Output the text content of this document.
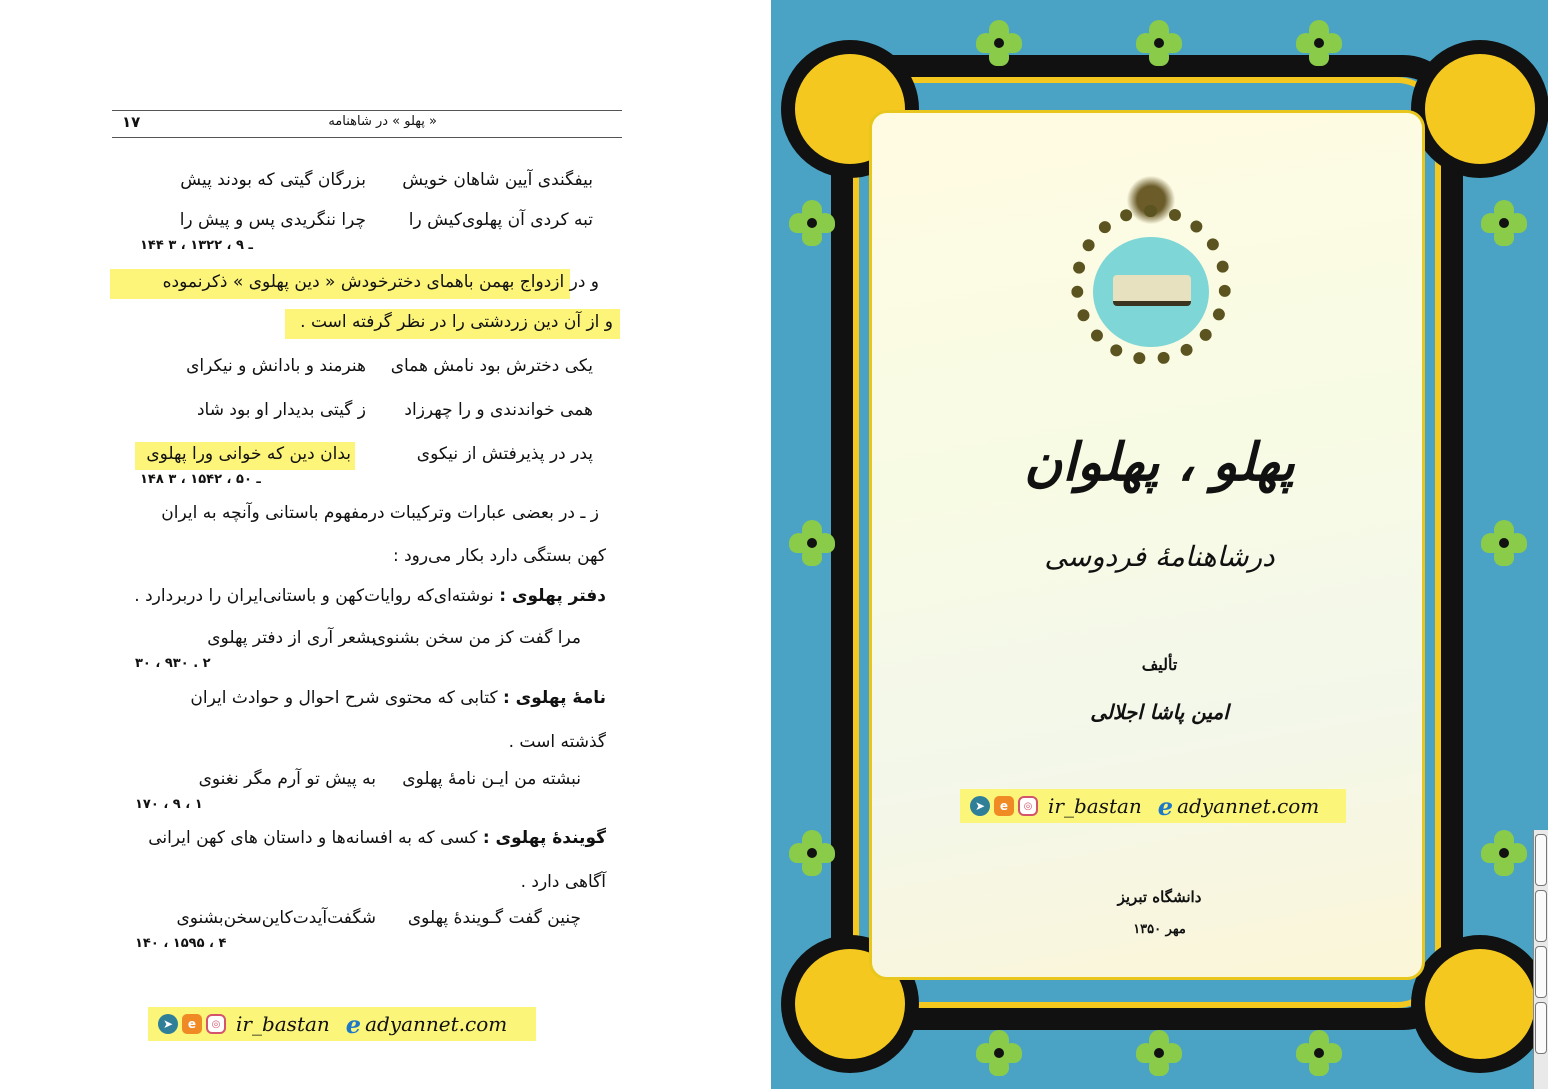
« پهلو » در شاهنامه
۱۷
بیفگندی آیین شاهان خویش
بزرگان گیتی که بودند پیش
تبه کردی آن پهلوی‌کیش را
چرا ننگریدی پس و پیش را
۱۴۴ ـ ۹ ، ۱۳۲۲ ، ۳
و در ازدواج بهمن باهمای دخترخودش « دین پهلوی » ذکرنموده
و از آن دین زردشتی را در نظر گرفته است .
یکی دخترش بود نامش همای
هنرمند و بادانش و نیکرای
همی خواندندی و را چهرزاد
ز گیتی بدیدار او بود شاد
پدر در پذیرفتش از نیکوی
بدان دین که خوانی ورا پهلوی
۱۴۸ ـ ۵۰ ، ۱۵۴۲ ، ۳
ز ـ در بعضی عبارات وترکیبات درمفهوم باستانی وآنچه به ایران
کهن بستگی دارد بکار می‌رود :
دفتر پهلوی : نوشته‌ای‌که روایات‌کهن و باستانی‌ایران را دربردارد .
مرا گفت کز من سخن بشنوی
بشعر آری از دفتر پهلوی
۳۰ ، ۹۳۰ . ۲
نامهٔ پهلوی : کتابی که محتوی شرح احوال و حوادث ایران
گذشته است .
نبشته من ایـن نامهٔ پهلوی
به پیش تو آرم مگر نغنوی
۱۷۰ ، ۹ ، ۱
گویندهٔ پهلوی : کسی که به افسانه‌ها و داستان های کهن ایرانی
آگاهی دارد .
چنین گفت گـویندهٔ پهلوی
شگفت‌آیدت‌کاین‌سخن‌بشنوی
۱۴۰ ، ۱۵۹۵ ، ۴
➤	e	◎ ir_bastan e adyannet.com
پهلو ، پهلوان
درشاهنامهٔ فردوسی
تألیف
امین پاشا اجلالی
➤	e	◎ ir_bastan e adyannet.com
دانشگاه تبریز
مهر ۱۳۵۰
